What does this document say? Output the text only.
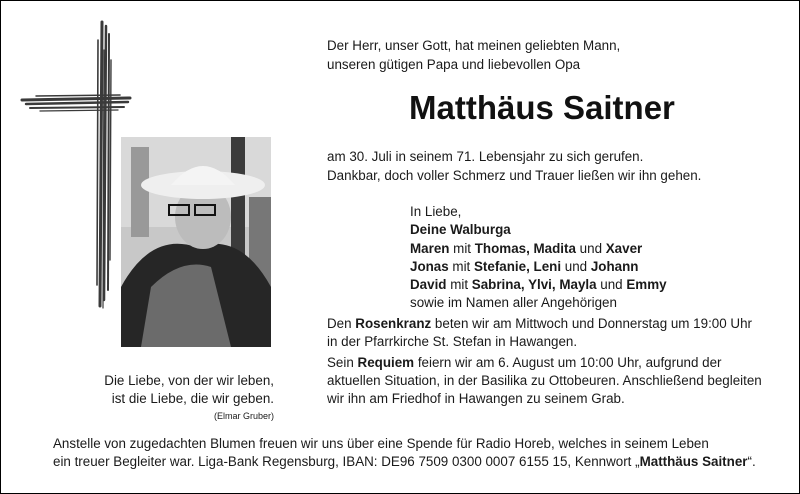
Der Herr, unser Gott, hat meinen geliebten Mann,
unseren gütigen Papa und liebevollen Opa
Matthäus Saitner
am 30. Juli in seinem 71. Lebensjahr zu sich gerufen.
Dankbar, doch voller Schmerz und Trauer ließen wir ihn gehen.
In Liebe,
Deine Walburga
Maren mit Thomas, Madita und Xaver
Jonas mit Stefanie, Leni und Johann
David mit Sabrina, Ylvi, Mayla und Emmy
sowie im Namen aller Angehörigen
Den Rosenkranz beten wir am Mittwoch und Donnerstag um 19:00 Uhr
in der Pfarrkirche St. Stefan in Hawangen.
Sein Requiem feiern wir am 6. August um 10:00 Uhr, aufgrund der
aktuellen Situation, in der Basilika zu Ottobeuren. Anschließend begleiten
wir ihn am Friedhof in Hawangen zu seinem Grab.
Die Liebe, von der wir leben,
ist die Liebe, die wir geben.
(Elmar Gruber)
Anstelle von zugedachten Blumen freuen wir uns über eine Spende für Radio Horeb, welches in seinem Leben
ein treuer Begleiter war. Liga-Bank Regensburg, IBAN: DE96 7509 0300 0007 6155 15, Kennwort „Matthäus Saitner“.
